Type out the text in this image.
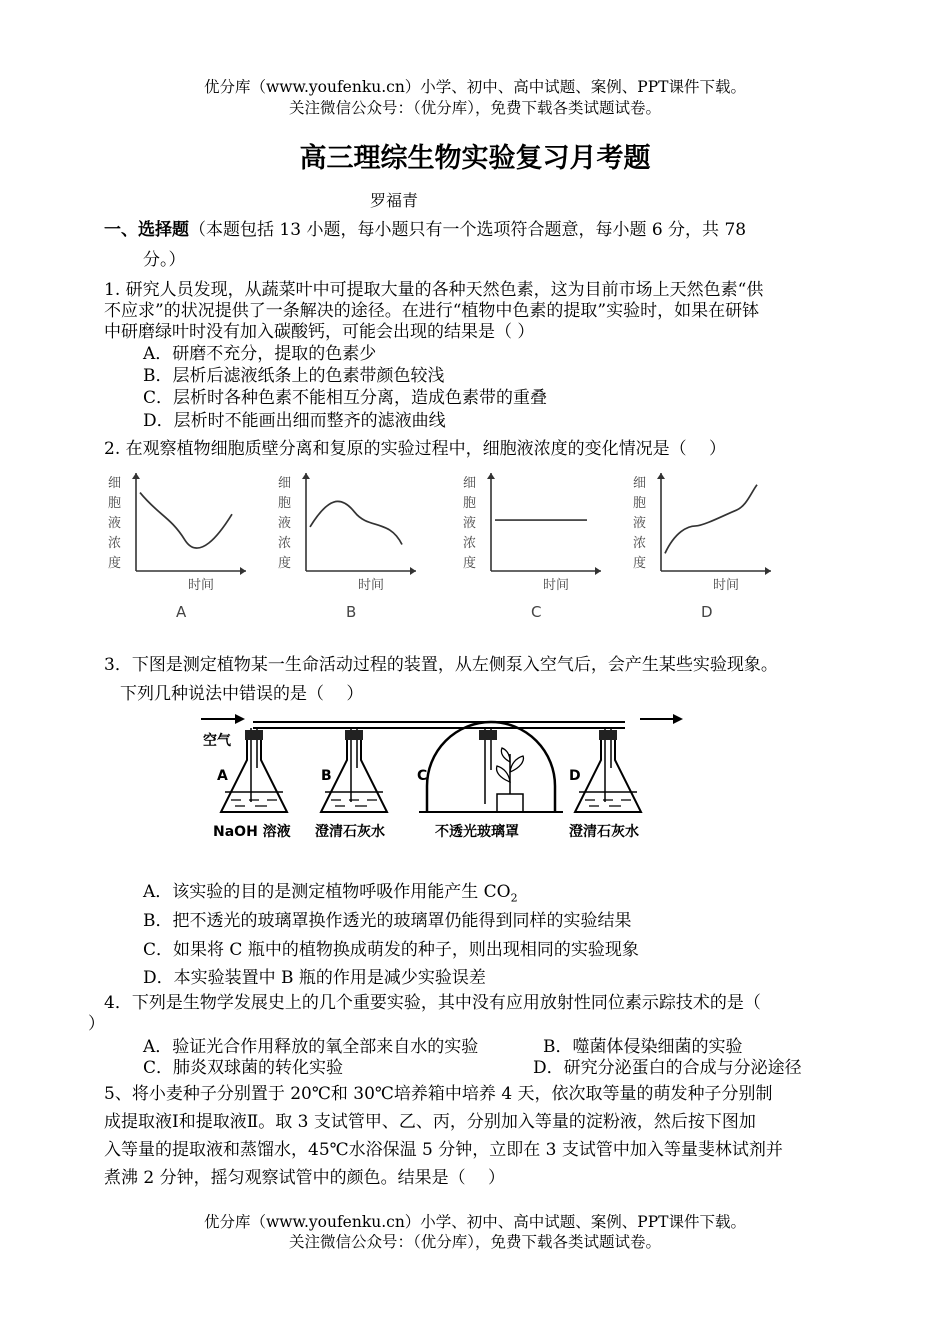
优分库（www.youfenku.cn）小学、初中、高中试题、案例、PPT课件下载。
关注微信公众号：（优分库），免费下载各类试题试卷。
高三理综生物实验复习月考题
罗福青
一、选择题（本题包括 13 小题，每小题只有一个选项符合题意，每小题 6 分，共 78
分。）
1. 研究人员发现，从蔬菜叶中可提取大量的各种天然色素，这为目前市场上天然色素“供
不应求”的状况提供了一条解决的途径。在进行“植物中色素的提取”实验时，如果在研钵
中研磨绿叶时没有加入碳酸钙，可能会出现的结果是（ ）
A．研磨不充分，提取的色素少
B．层析后滤液纸条上的色素带颜色较浅
C．层析时各种色素不能相互分离，造成色素带的重叠
D．层析时不能画出细而整齐的滤液曲线
2. 在观察植物细胞质壁分离和复原的实验过程中，细胞液浓度的变化情况是（　 ）
细
胞
液
浓
度
时间
A
细
胞
液
浓
度
时间
B
细
胞
液
浓
度
时间
C
细
胞
液
浓
度
时间
D
3．下图是测定植物某一生命活动过程的装置，从左侧泵入空气后，会产生某些实验现象。
下列几种说法中错误的是（　 ）
空气
A
NaOH 溶液
B
澄清石灰水
C
不透光玻璃罩
D
澄清石灰水
A．该实验的目的是测定植物呼吸作用能产生 $CO_2$
B．把不透光的玻璃罩换作透光的玻璃罩仍能得到同样的实验结果
C．如果将 C 瓶中的植物换成萌发的种子，则出现相同的实验现象
D．本实验装置中 B 瓶的作用是减少实验误差
4．下列是生物学发展史上的几个重要实验，其中没有应用放射性同位素示踪技术的是（
）
A．验证光合作用释放的氧全部来自水的实验	B．噬菌体侵染细菌的实验
C．肺炎双球菌的转化实验	D．研究分泌蛋白的合成与分泌途径
5、将小麦种子分别置于 20℃和 30℃培养箱中培养 4 天，依次取等量的萌发种子分别制
成提取液Ⅰ和提取液Ⅱ。取 3 支试管甲、乙、丙，分别加入等量的淀粉液，然后按下图加
入等量的提取液和蒸馏水，45℃水浴保温 5 分钟，立即在 3 支试管中加入等量斐林试剂并
煮沸 2 分钟，摇匀观察试管中的颜色。结果是（　 ）
优分库（www.youfenku.cn）小学、初中、高中试题、案例、PPT课件下载。
关注微信公众号：（优分库），免费下载各类试题试卷。
